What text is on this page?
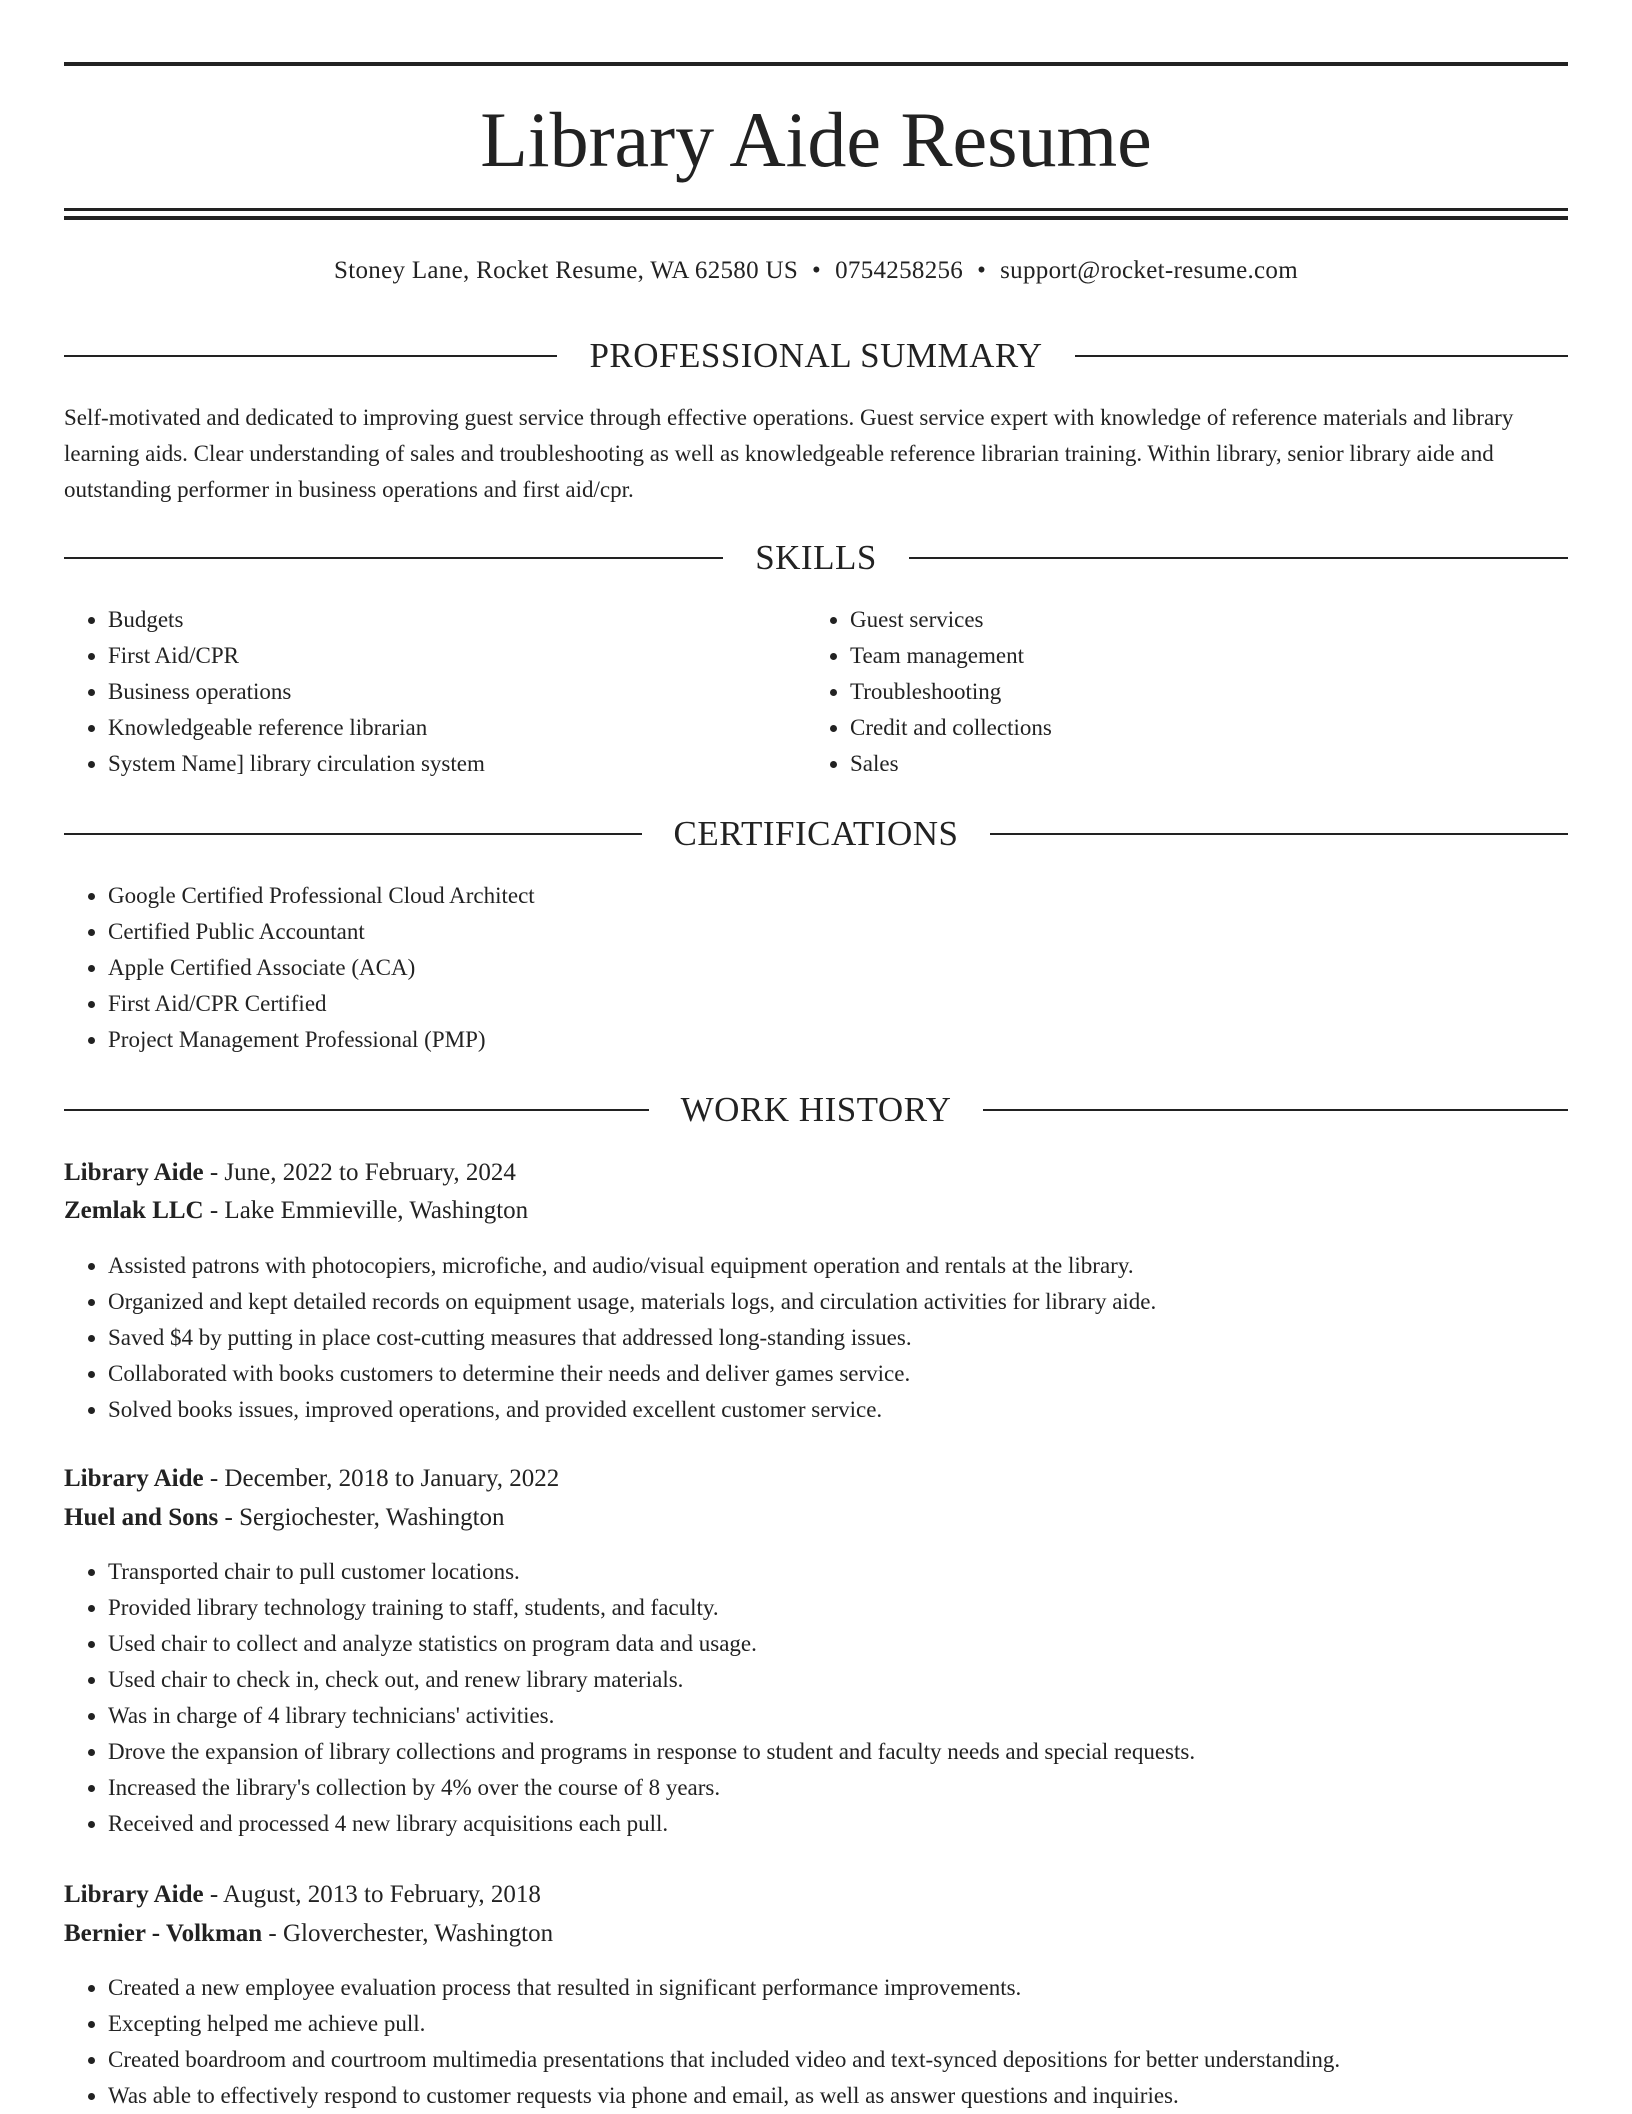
Library Aide Resume
Stoney Lane, Rocket Resume, WA 62580 US • 0754258256 • support@rocket-resume.com
PROFESSIONAL SUMMARY

Self-motivated and dedicated to improving guest service through effective operations. Guest service expert with knowledge of reference materials and library learning aids. Clear understanding of sales and troubleshooting as well as knowledgeable reference librarian training. Within library, senior library aide and outstanding performer in business operations and first aid/cpr.

SKILLS
• Budgets
• First Aid/CPR
• Business operations
• Knowledgeable reference librarian
• System Name] library circulation system
• Guest services
• Team management
• Troubleshooting
• Credit and collections
• Sales
CERTIFICATIONS
• Google Certified Professional Cloud Architect
• Certified Public Accountant
• Apple Certified Associate (ACA)
• First Aid/CPR Certified
• Project Management Professional (PMP)
WORK HISTORY
Library Aide - June, 2022 to February, 2024
Zemlak LLC - Lake Emmieville, Washington
• Assisted patrons with photocopiers, microfiche, and audio/visual equipment operation and rentals at the library.
• Organized and kept detailed records on equipment usage, materials logs, and circulation activities for library aide.
• Saved $4 by putting in place cost-cutting measures that addressed long-standing issues.
• Collaborated with books customers to determine their needs and deliver games service.
• Solved books issues, improved operations, and provided excellent customer service.
Library Aide - December, 2018 to January, 2022
Huel and Sons - Sergiochester, Washington
• Transported chair to pull customer locations.
• Provided library technology training to staff, students, and faculty.
• Used chair to collect and analyze statistics on program data and usage.
• Used chair to check in, check out, and renew library materials.
• Was in charge of 4 library technicians' activities.
• Drove the expansion of library collections and programs in response to student and faculty needs and special requests.
• Increased the library's collection by 4% over the course of 8 years.
• Received and processed 4 new library acquisitions each pull.
Library Aide - August, 2013 to February, 2018
Bernier - Volkman - Gloverchester, Washington
• Created a new employee evaluation process that resulted in significant performance improvements.
• Excepting helped me achieve pull.
• Created boardroom and courtroom multimedia presentations that included video and text-synced depositions for better understanding.
• Was able to effectively respond to customer requests via phone and email, as well as answer questions and inquiries.
